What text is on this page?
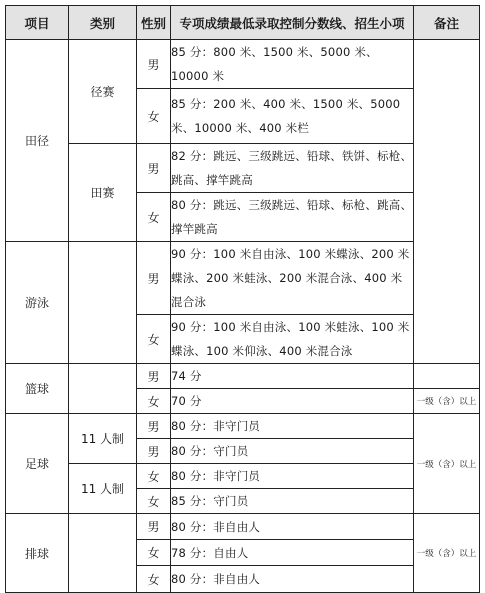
项目	类别	性别	专项成绩最低录取控制分数线、招生小项	备注
田径	径赛	男	85 分：800 米、1500 米、5000 米、10000 米	
		女	85 分：200 米、400 米、1500 米、5000 米、10000 米、400 米栏	
	田赛	男	82 分：跳远、三级跳远、铅球、铁饼、标枪、跳高、撑竿跳高	
		女	80 分：跳远、三级跳远、铅球、标枪、跳高、撑竿跳高	
游泳		男	90 分：100 米自由泳、100 米蝶泳、200 米蝶泳、200 米蛙泳、200 米混合泳、400 米混合泳	
		女	90 分：100 米自由泳、100 米蛙泳、100 米蝶泳、100 米仰泳、400 米混合泳	
篮球		男	74 分	
		女	70 分	一级（含）以上
足球	11 人制	男	80 分：非守门员	一级（含）以上
		男	80 分：守门员	
	11 人制	女	80 分：非守门员	
		女	85 分：守门员	
排球		男	80 分：非自由人	一级（含）以上
		女	78 分：自由人	
		女	80 分：非自由人	
